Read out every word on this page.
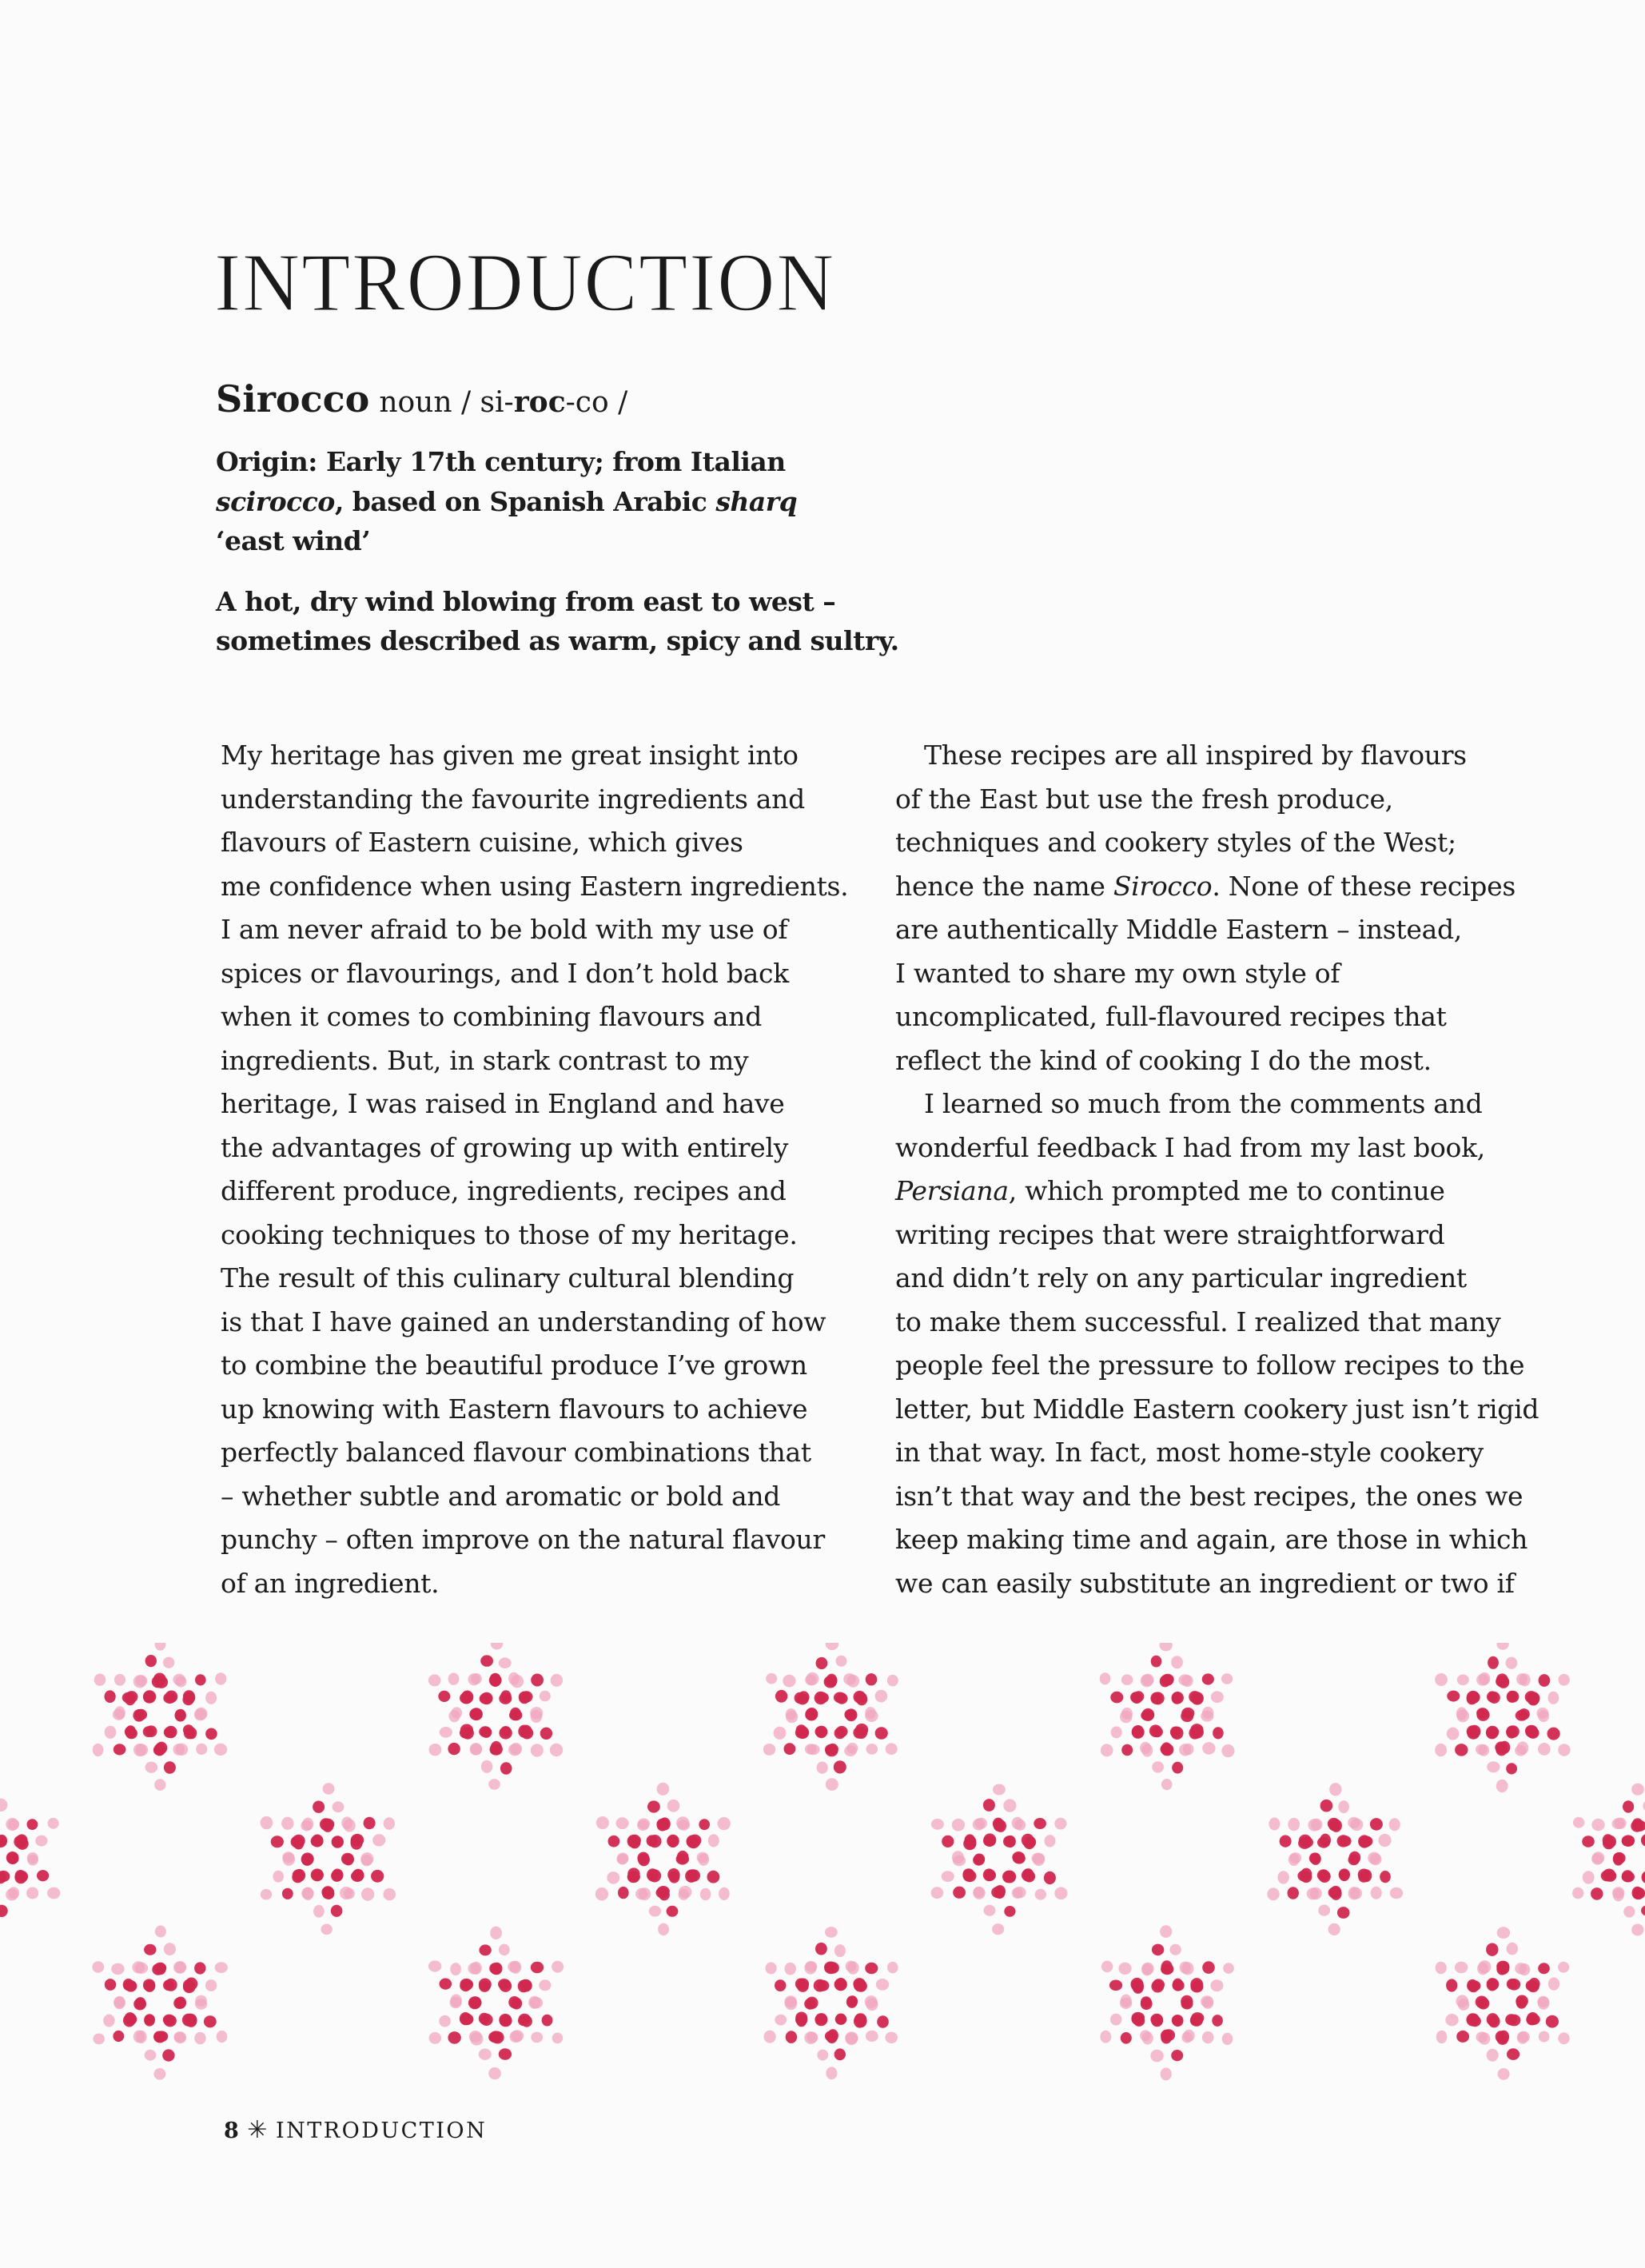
INTRODUCTION

Sirocco noun / si-roc-co /

Origin: Early 17th century; from Italian
scirocco, based on Spanish Arabic sharq
‘east wind’

A hot, dry wind blowing from east to west –
sometimes described as warm, spicy and sultry.

My heritage has given me great insight into
understanding the favourite ingredients and
flavours of Eastern cuisine, which gives
me confidence when using Eastern ingredients.
I am never afraid to be bold with my use of
spices or flavourings, and I don’t hold back
when it comes to combining flavours and
ingredients. But, in stark contrast to my
heritage, I was raised in England and have
the advantages of growing up with entirely
different produce, ingredients, recipes and
cooking techniques to those of my heritage.
The result of this culinary cultural blending
is that I have gained an understanding of how
to combine the beautiful produce I’ve grown
up knowing with Eastern flavours to achieve
perfectly balanced flavour combinations that
– whether subtle and aromatic or bold and
punchy – often improve on the natural flavour
of an ingredient.

These recipes are all inspired by flavours
of the East but use the fresh produce,
techniques and cookery styles of the West;
hence the name Sirocco. None of these recipes
are authentically Middle Eastern – instead,
I wanted to share my own style of
uncomplicated, full-flavoured recipes that
reflect the kind of cooking I do the most.

I learned so much from the comments and
wonderful feedback I had from my last book,
Persiana, which prompted me to continue
writing recipes that were straightforward
and didn’t rely on any particular ingredient
to make them successful. I realized that many
people feel the pressure to follow recipes to the
letter, but Middle Eastern cookery just isn’t rigid
in that way. In fact, most home-style cookery
isn’t that way and the best recipes, the ones we
keep making time and again, are those in which
we can easily substitute an ingredient or two if

8 ✳ INTRODUCTION
